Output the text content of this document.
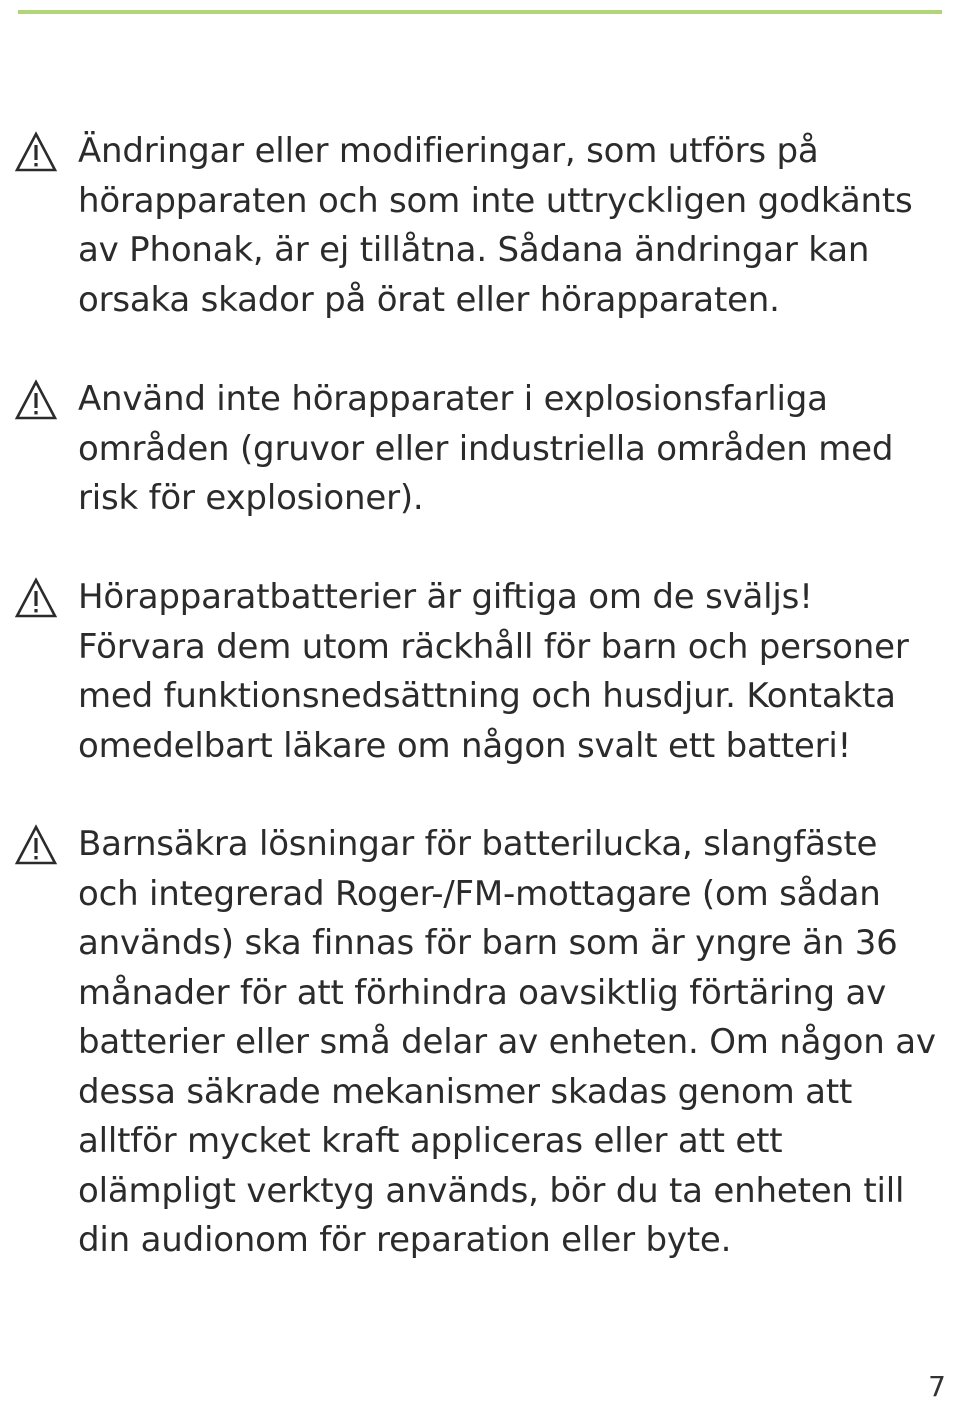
Ändringar eller modifieringar, som utförs på hörapparaten och som inte uttryckligen godkänts av Phonak, är ej tillåtna. Sådana ändringar kan orsaka skador på örat eller hörapparaten.

Använd inte hörapparater i explosionsfarliga områden (gruvor eller industriella områden med risk för explosioner).

Hörapparatbatterier är giftiga om de sväljs! Förvara dem utom räckhåll för barn och personer med funktionsnedsättning och husdjur. Kontakta omedelbart läkare om någon svalt ett batteri!

Barnsäkra lösningar för batterilucka, slangfäste och integrerad Roger-/FM-mottagare (om sådan används) ska finnas för barn som är yngre än 36 månader för att förhindra oavsiktlig förtäring av batterier eller små delar av enheten. Om någon av dessa säkrade mekanismer skadas genom att alltför mycket kraft appliceras eller att ett olämpligt verktyg används, bör du ta enheten till din audionom för reparation eller byte.

7
